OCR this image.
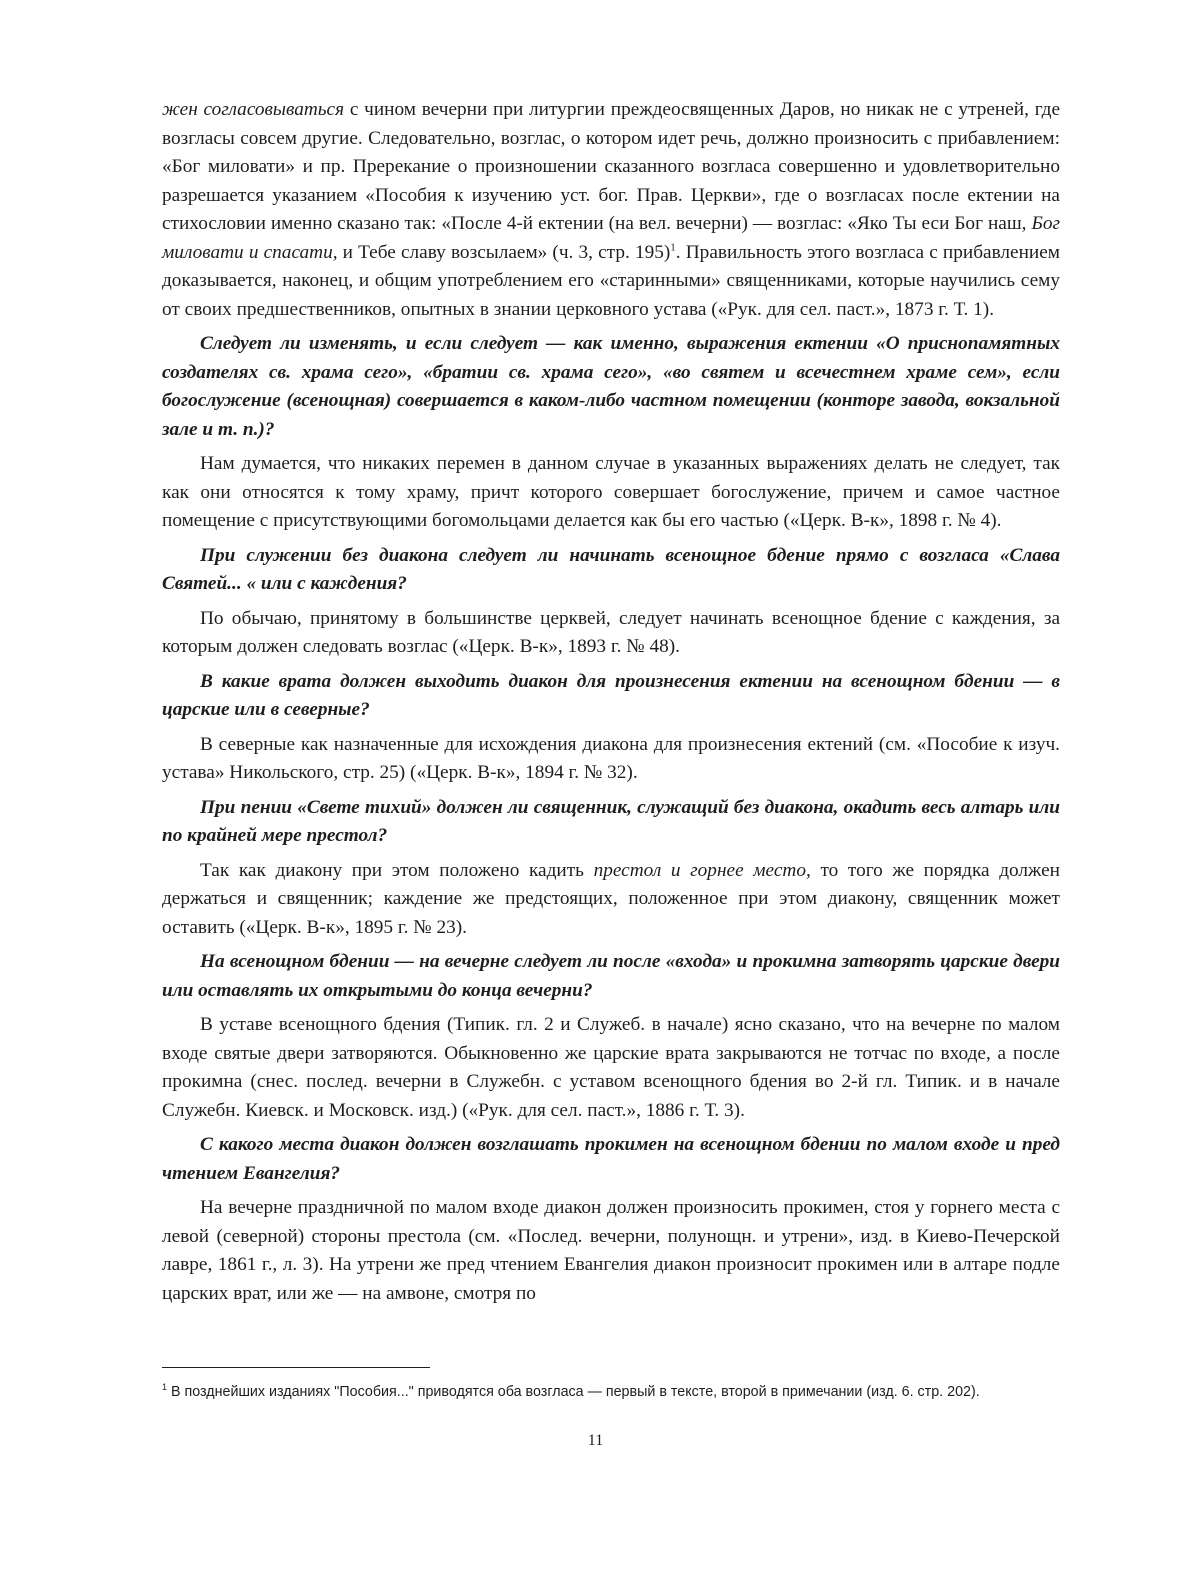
жен согласовываться с чином вечерни при литургии преждеосвященных Даров, но никак не с утреней, где возгласы совсем другие. Следовательно, возглас, о котором идет речь, должно произносить с прибавлением: «Бог миловати» и пр. Пререкание о произношении сказанного возгласа совершенно и удовлетворительно разрешается указанием «Пособия к изучению уст. бог. Прав. Церкви», где о возгласах после ектении на стихословии именно сказано так: «После 4-й ектении (на вел. вечерни) — возглас: «Яко Ты еси Бог наш, Бог миловати и спасати, и Тебе славу возсылаем» (ч. 3, стр. 195)$^1$. Правильность этого возгласа с прибавлением доказывается, наконец, и общим употреблением его «старинными» священниками, которые научились сему от своих предшественников, опытных в знании церковного устава («Рук. для сел. паст.», 1873 г. Т. 1).

Следует ли изменять, и если следует — как именно, выражения ектении «О приснопамятных создателях св. храма сего», «братии св. храма сего», «во святем и всечестнем храме сем», если богослужение (всенощная) совершается в каком-либо частном помещении (конторе завода, вокзальной зале и т. п.)?

Нам думается, что никаких перемен в данном случае в указанных выражениях делать не следует, так как они относятся к тому храму, причт которого совершает богослужение, причем и самое частное помещение с присутствующими богомольцами делается как бы его частью («Церк. В-к», 1898 г. № 4).

При служении без диакона следует ли начинать всенощное бдение прямо с возгласа «Слава Святей... « или с каждения?

По обычаю, принятому в большинстве церквей, следует начинать всенощное бдение с каждения, за которым должен следовать возглас («Церк. В-к», 1893 г. № 48).

В какие врата должен выходить диакон для произнесения ектении на всенощном бдении — в царские или в северные?

В северные как назначенные для исхождения диакона для произнесения ектений (см. «Пособие к изуч. устава» Никольского, стр. 25) («Церк. В-к», 1894 г. № 32).

При пении «Свете тихий» должен ли священник, служащий без диакона, окадить весь алтарь или по крайней мере престол?

Так как диакону при этом положено кадить престол и горнее место, то того же порядка должен держаться и священник; каждение же предстоящих, положенное при этом диакону, священник может оставить («Церк. В-к», 1895 г. № 23).

На всенощном бдении — на вечерне следует ли после «входа» и прокимна затворять царские двери или оставлять их открытыми до конца вечерни?

В уставе всенощного бдения (Типик. гл. 2 и Служеб. в начале) ясно сказано, что на вечерне по малом входе святые двери затворяются. Обыкновенно же царские врата закрываются не тотчас по входе, а после прокимна (снес. послед. вечерни в Служебн. с уставом всенощного бдения во 2-й гл. Типик. и в начале Служебн. Киевск. и Московск. изд.) («Рук. для сел. паст.», 1886 г. Т. 3).

С какого места диакон должен возглашать прокимен на всенощном бдении по малом входе и пред чтением Евангелия?

На вечерне праздничной по малом входе диакон должен произносить прокимен, стоя у горнего места с левой (северной) стороны престола (см. «Послед. вечерни, полунощн. и утрени», изд. в Киево-Печерской лавре, 1861 г., л. 3). На утрени же пред чтением Евангелия диакон произносит прокимен или в алтаре подле царских врат, или же — на амвоне, смотря по

$^1$ В позднейших изданиях "Пособия..." приводятся оба возгласа — первый в тексте, второй в примечании (изд. 6. стр. 202).
11
